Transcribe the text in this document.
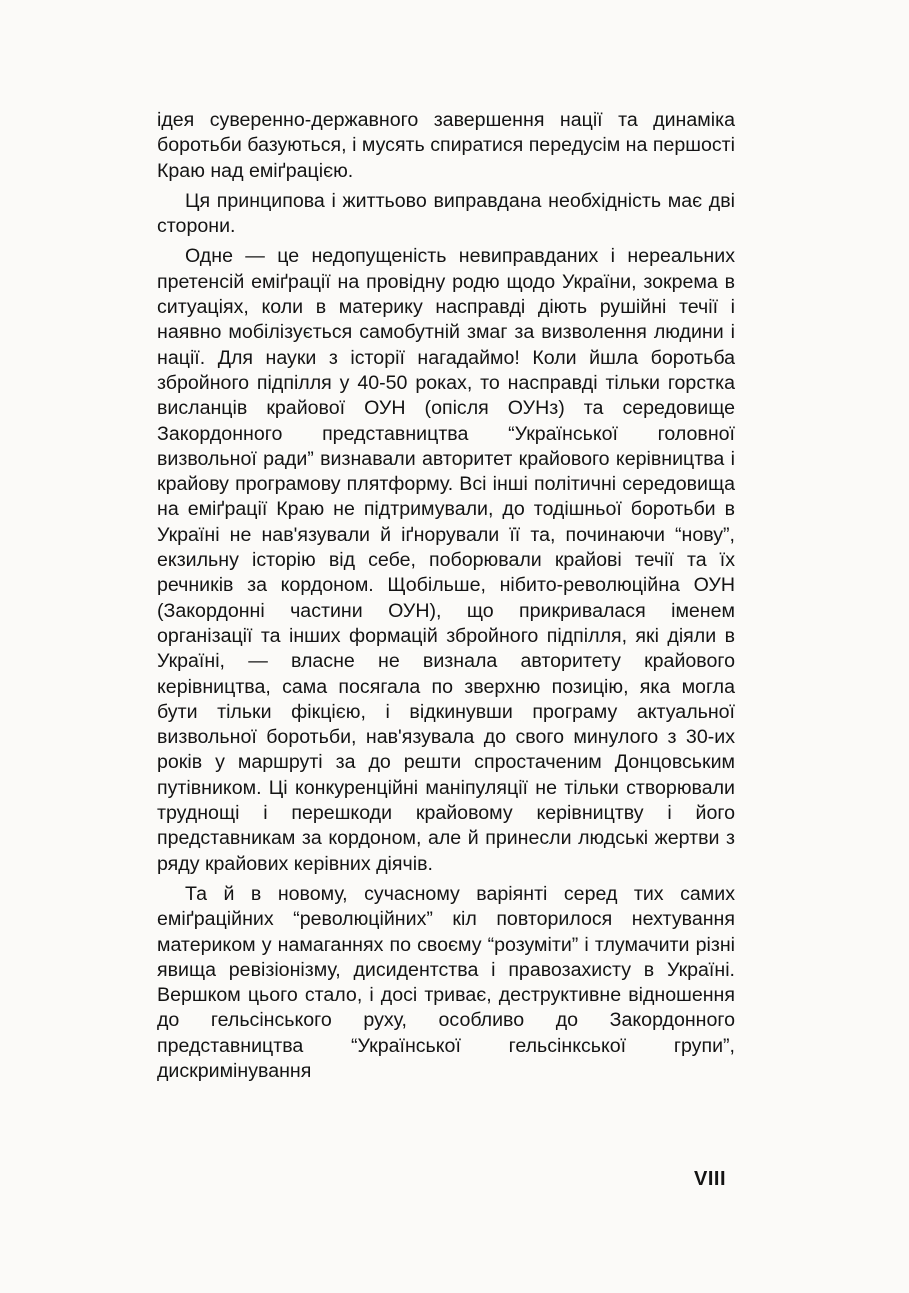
ідея суверенно-державного завершення нації та динаміка боротьби базуються, і мусять спиратися передусім на першості Краю над еміґрацією.

Ця принципова і життьово виправдана необхідність має дві сторони.

Одне — це недопущеність невиправданих і нереальних претенсій еміґрації на провідну родю щодо України, зокрема в ситуаціях, коли в материку насправді діють рушійні течії і наявно мобілізується самобутній змаг за визволення людини і нації. Для науки з історії нагадаймо! Коли йшла боротьба збройного підпілля у 40-50 роках, то насправді тільки горстка висланців крайової ОУН (опісля ОУНз) та середовище Закордонного представництва “Української головної визвольної ради” визнавали авторитет крайового керівництва і крайову програмову плятформу. Всі інші політичні середовища на еміґрації Краю не підтримували, до тодішньої боротьби в Україні не нав'язували й іґнорували її та, починаючи “нову”, екзильну історію від себе, поборювали крайові течії та їх речників за кордоном. Щобільше, нібито-революційна ОУН (Закордонні частини ОУН), що прикривалася іменем організації та інших формацій збройного підпілля, які діяли в Україні, — власне не визнала авторитету крайового керівництва, сама посягала по зверхню позицію, яка могла бути тільки фікцією, і відкинувши програму актуальної визвольної боротьби, нав'язувала до свого минулого з 30-их років у маршруті за до решти спростаченим Донцовським путівником. Ці конкуренційні маніпуляції не тільки створювали труднощі і перешкоди крайовому керівництву і його представникам за кордоном, але й принесли людські жертви з ряду крайових керівних діячів.

Та й в новому, сучасному варіянті серед тих самих еміґраційних “революційних” кіл повторилося нехтування материком у намаганнях по своєму “розуміти” і тлумачити різні явища ревізіонізму, дисидентства і правозахисту в Україні. Вершком цього стало, і досі триває, деструктивне відношення до гельсінського руху, особливо до Закордонного представництва “Української гельсінкської групи”, дискримінування

VIII
